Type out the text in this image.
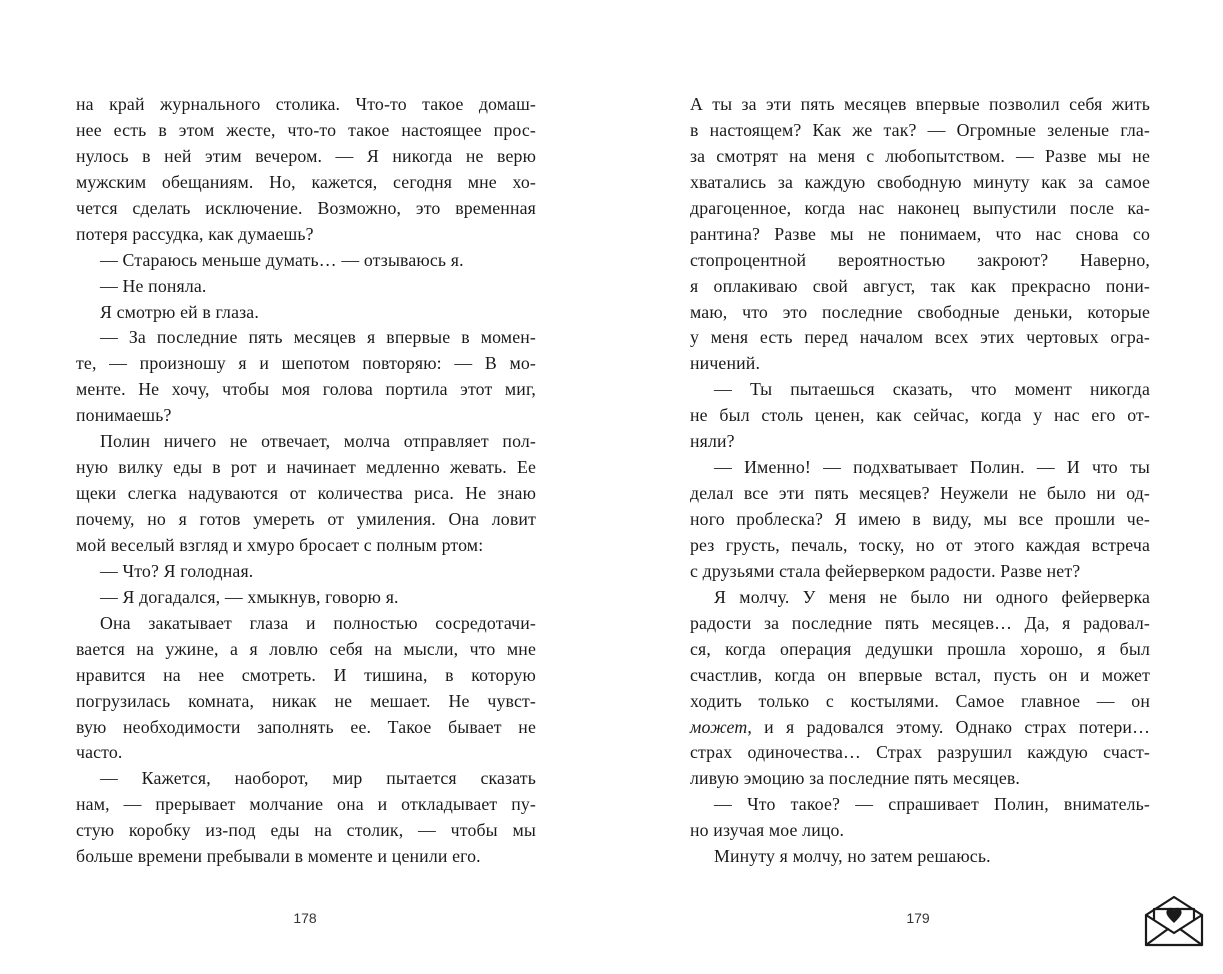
на край журнального столика. Что-то такое домаш-
нее есть в этом жесте, что-то такое настоящее прос-
нулось в ней этим вечером. — Я никогда не верю
мужским обещаниям. Но, кажется, сегодня мне хо-
чется сделать исключение. Возможно, это временная
потеря рассудка, как думаешь?
— Стараюсь меньше думать… — отзываюсь я.
— Не поняла.
Я смотрю ей в глаза.
— За последние пять месяцев я впервые в момен-
те, — произношу я и шепотом повторяю: — В мо-
менте. Не хочу, чтобы моя голова портила этот миг,
понимаешь?
Полин ничего не отвечает, молча отправляет пол-
ную вилку еды в рот и начинает медленно жевать. Ее
щеки слегка надуваются от количества риса. Не знаю
почему, но я готов умереть от умиления. Она ловит
мой веселый взгляд и хмуро бросает с полным ртом:
— Что? Я голодная.
— Я догадался, — хмыкнув, говорю я.
Она закатывает глаза и полностью сосредотачи-
вается на ужине, а я ловлю себя на мысли, что мне
нравится на нее смотреть. И тишина, в которую
погрузилась комната, никак не мешает. Не чувст-
вую необходимости заполнять ее. Такое бывает не
часто.
— Кажется, наоборот, мир пытается сказать
нам, — прерывает молчание она и откладывает пу-
стую коробку из-под еды на столик, — чтобы мы
больше времени пребывали в моменте и ценили его.
178
А ты за эти пять месяцев впервые позволил себя жить
в настоящем? Как же так? — Огромные зеленые гла-
за смотрят на меня с любопытством. — Разве мы не
хватались за каждую свободную минуту как за самое
драгоценное, когда нас наконец выпустили после ка-
рантина? Разве мы не понимаем, что нас снова со
стопроцентной вероятностью закроют? Наверно,
я оплакиваю свой август, так как прекрасно пони-
маю, что это последние свободные деньки, которые
у меня есть перед началом всех этих чертовых огра-
ничений.
— Ты пытаешься сказать, что момент никогда
не был столь ценен, как сейчас, когда у нас его от-
няли?
— Именно! — подхватывает Полин. — И что ты
делал все эти пять месяцев? Неужели не было ни од-
ного проблеска? Я имею в виду, мы все прошли че-
рез грусть, печаль, тоску, но от этого каждая встреча
с друзьями стала фейерверком радости. Разве нет?
Я молчу. У меня не было ни одного фейерверка
радости за последние пять месяцев… Да, я радовал-
ся, когда операция дедушки прошла хорошо, я был
счастлив, когда он впервые встал, пусть он и может
ходить только с костылями. Самое главное — он
может, и я радовался этому. Однако страх потери…
страх одиночества… Страх разрушил каждую счаст-
ливую эмоцию за последние пять месяцев.
— Что такое? — спрашивает Полин, вниматель-
но изучая мое лицо.
Минуту я молчу, но затем решаюсь.
179
